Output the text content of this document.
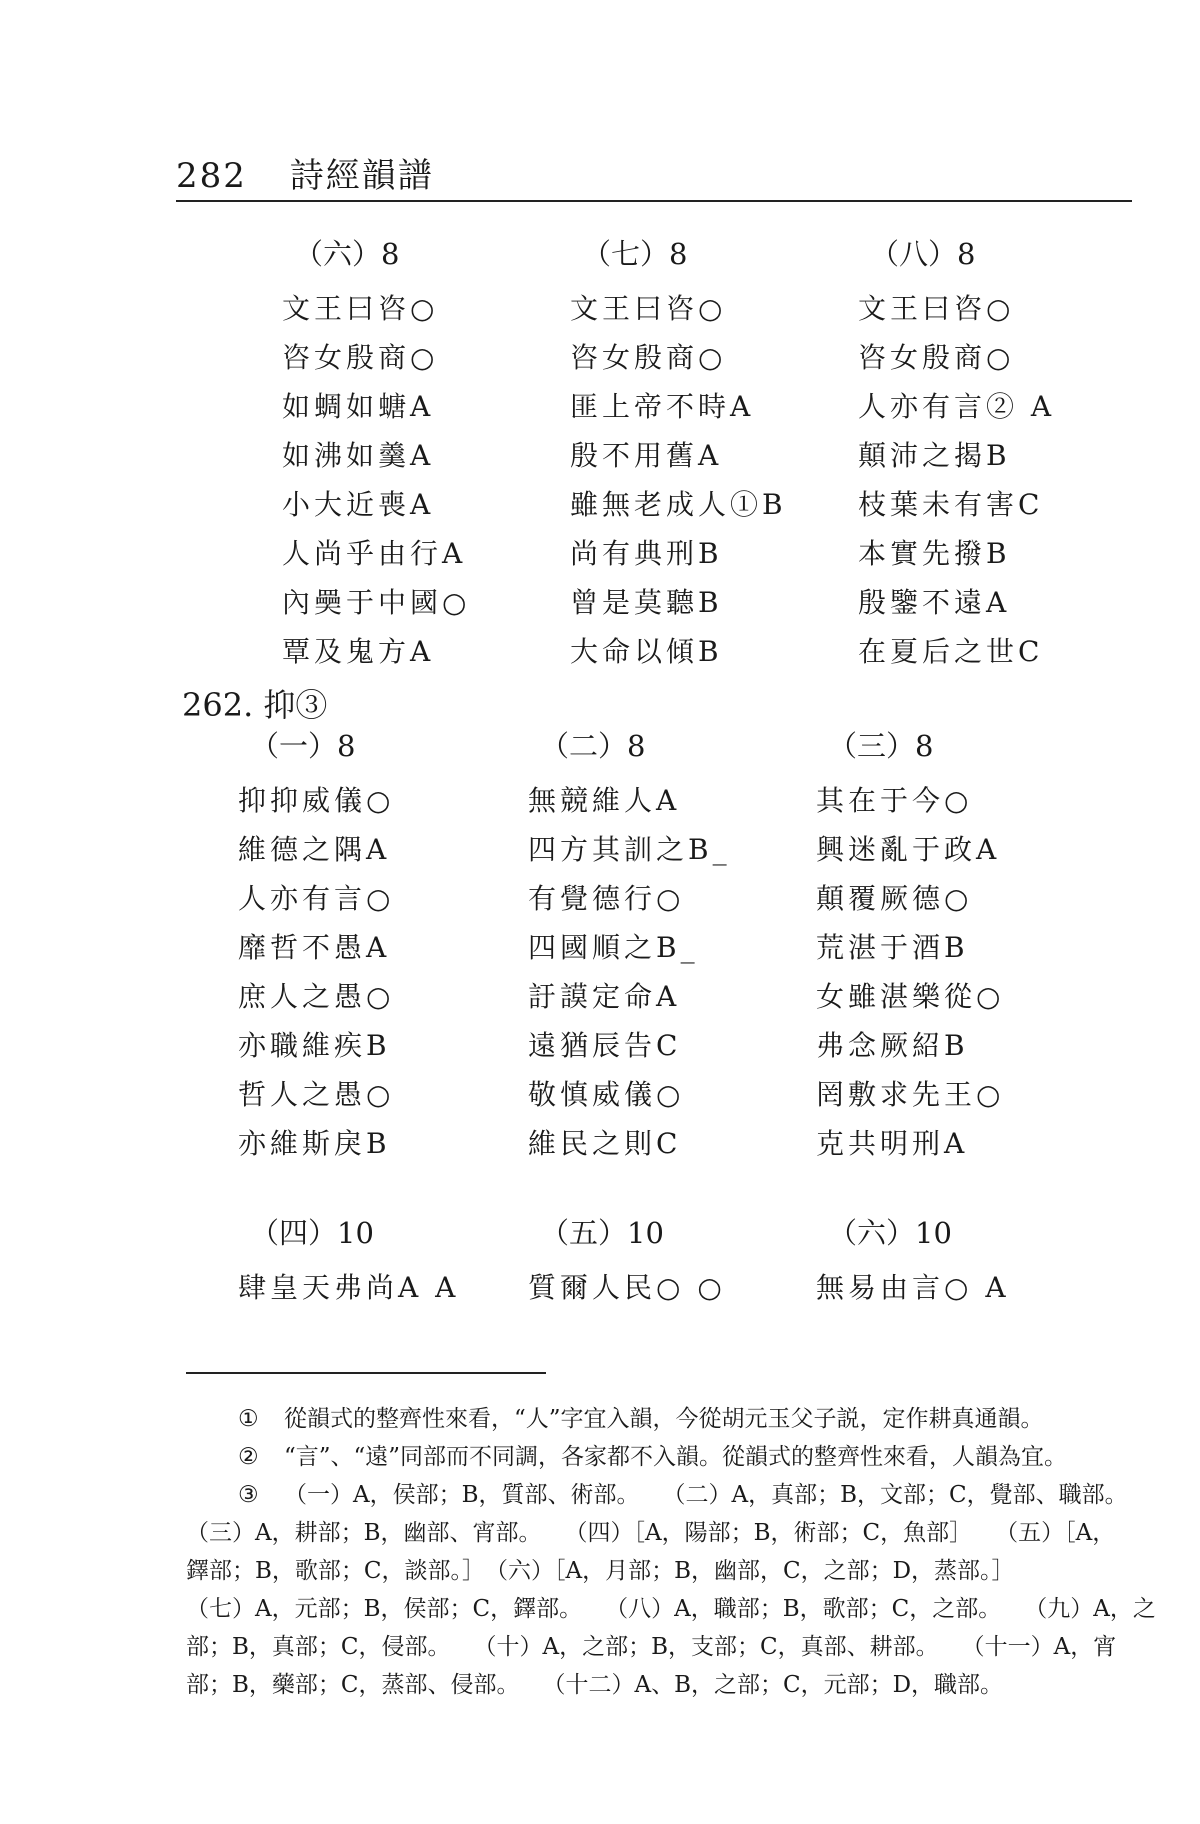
282 詩經韻譜
（六）8
文王曰咨○
咨女殷商○
如蜩如螗A
如沸如羹A
小大近喪A
人尚乎由行A
內奰于中國○
覃及鬼方A
（七）8
文王曰咨○
咨女殷商○
匪上帝不時A
殷不用舊A
雖無老成人①B
尚有典刑B
曾是莫聽B
大命以傾B
（八）8
文王曰咨○
咨女殷商○
人亦有言② A
顛沛之揭B
枝葉未有害C
本實先撥B
殷鑒不遠A
在夏后之世C
262. 抑③
（一）8
抑抑威儀○
維德之隅A
人亦有言○
靡哲不愚A
庶人之愚○
亦職維疾B
哲人之愚○
亦維斯戾B
（二）8
無競維人A
四方其訓之B_
有覺德行○
四國順之B_
訏謨定命A
遠猶辰告C
敬慎威儀○
維民之則C
（三）8
其在于今○
興迷亂于政A
顛覆厥德○
荒湛于酒B
女雖湛樂從○
弗念厥紹B
罔敷求先王○
克共明刑A
（四）10
肆皇天弗尚A A
（五）10
質爾人民○ ○
（六）10
無易由言○ A
① 從韻式的整齊性來看，“人”字宜入韻，今從胡元玉父子説，定作耕真通韻。
② “言”、“遠”同部而不同調，各家都不入韻。從韻式的整齊性來看，人韻為宜。
③ （一）A，侯部；B，質部、術部。　　（二）A，真部；B，文部；C，覺部、職部。
（三）A，耕部；B，幽部、宵部。　　（四）［A，陽部；B，術部；C，魚部］　　（五）［A，
鐸部；B，歌部；C，談部。］　（六）［A，月部；B，幽部，C，之部；D，蒸部。］
（七）A，元部；B，侯部；C，鐸部。　　（八）A，職部；B，歌部；C，之部。　　（九）A，之
部；B，真部；C，侵部。　　（十）A，之部；B，支部；C，真部、耕部。　　（十一）A，宵
部；B，藥部；C，蒸部、侵部。　　（十二）A、B，之部；C，元部；D，職部。
